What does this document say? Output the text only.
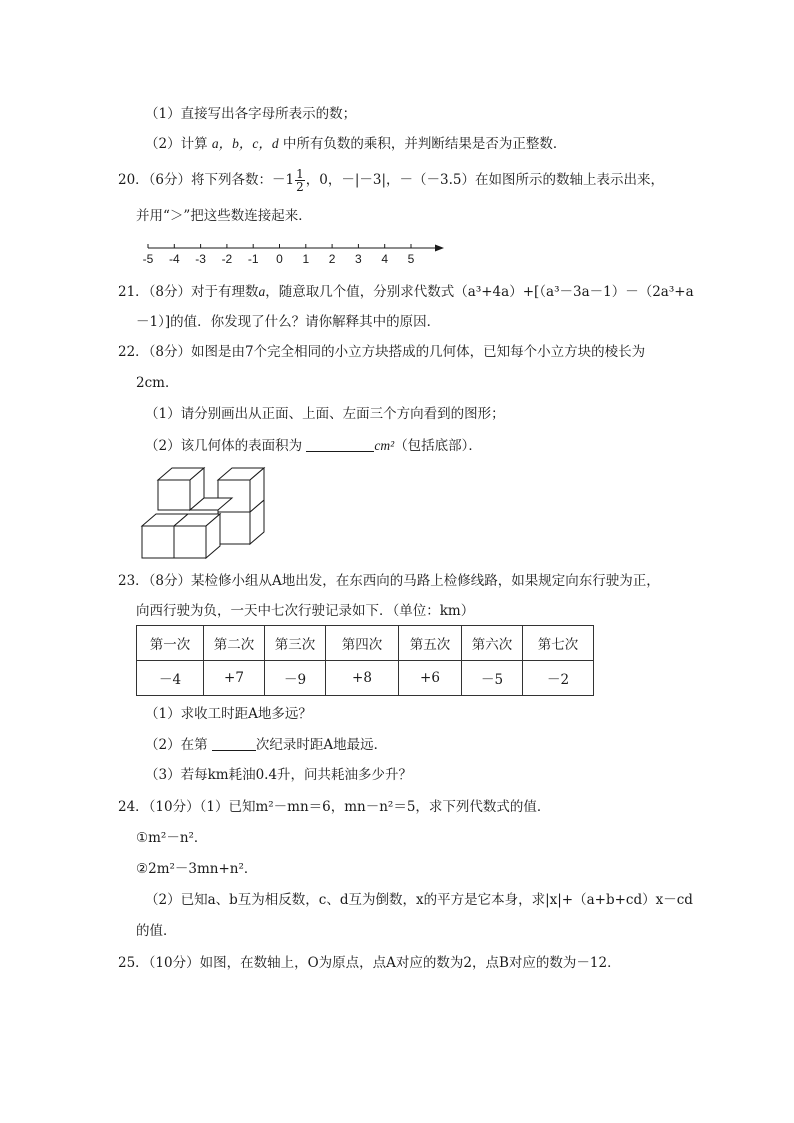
（1）直接写出各字母所表示的数；
（2）计算 a，b，c，d 中所有负数的乘积，并判断结果是否为正整数．
20．（6分）将下列各数：$-1 \frac{1}{2}$ ，0，－|－3|，－（－3.5）在如图所示的数轴上表示出来，
并用“＞”把这些数连接起来．
-5 -4 -3 -2 -1 0 1 2 3 4 5
21．（8分）对于有理数a，随意取几个值，分别求代数式（a³+4a）+[（a³－3a－1）－（2a³+a
－1）]的值．你发现了什么？请你解释其中的原因．
22．（8分）如图是由7个完全相同的小立方块搭成的几何体，已知每个小立方块的棱长为
2cm．
（1）请分别画出从正面、上面、左面三个方向看到的图形；
（2）该几何体的表面积为	cm²（包括底部）．
23．（8分）某检修小组从A地出发，在东西向的马路上检修线路，如果规定向东行驶为正，
向西行驶为负，一天中七次行驶记录如下．（单位：km）
第一次	第二次	第三次	第四次	第五次	第六次	第七次
－4	+7	－9	+8	+6	－5	－2
（1）求收工时距A地多远？
（2）在第	次纪录时距A地最远．
（3）若每km耗油0.4升，问共耗油多少升？
24．（10分）（1）已知m²－mn＝6，mn－n²＝5，求下列代数式的值．
①m²－n²．
②2m²－3mn+n²．
（2）已知a、b互为相反数，c、d互为倒数，x的平方是它本身，求|x|+（a+b+cd）x－cd
的值．
25．（10分）如图，在数轴上，O为原点，点A对应的数为2，点B对应的数为－12．
